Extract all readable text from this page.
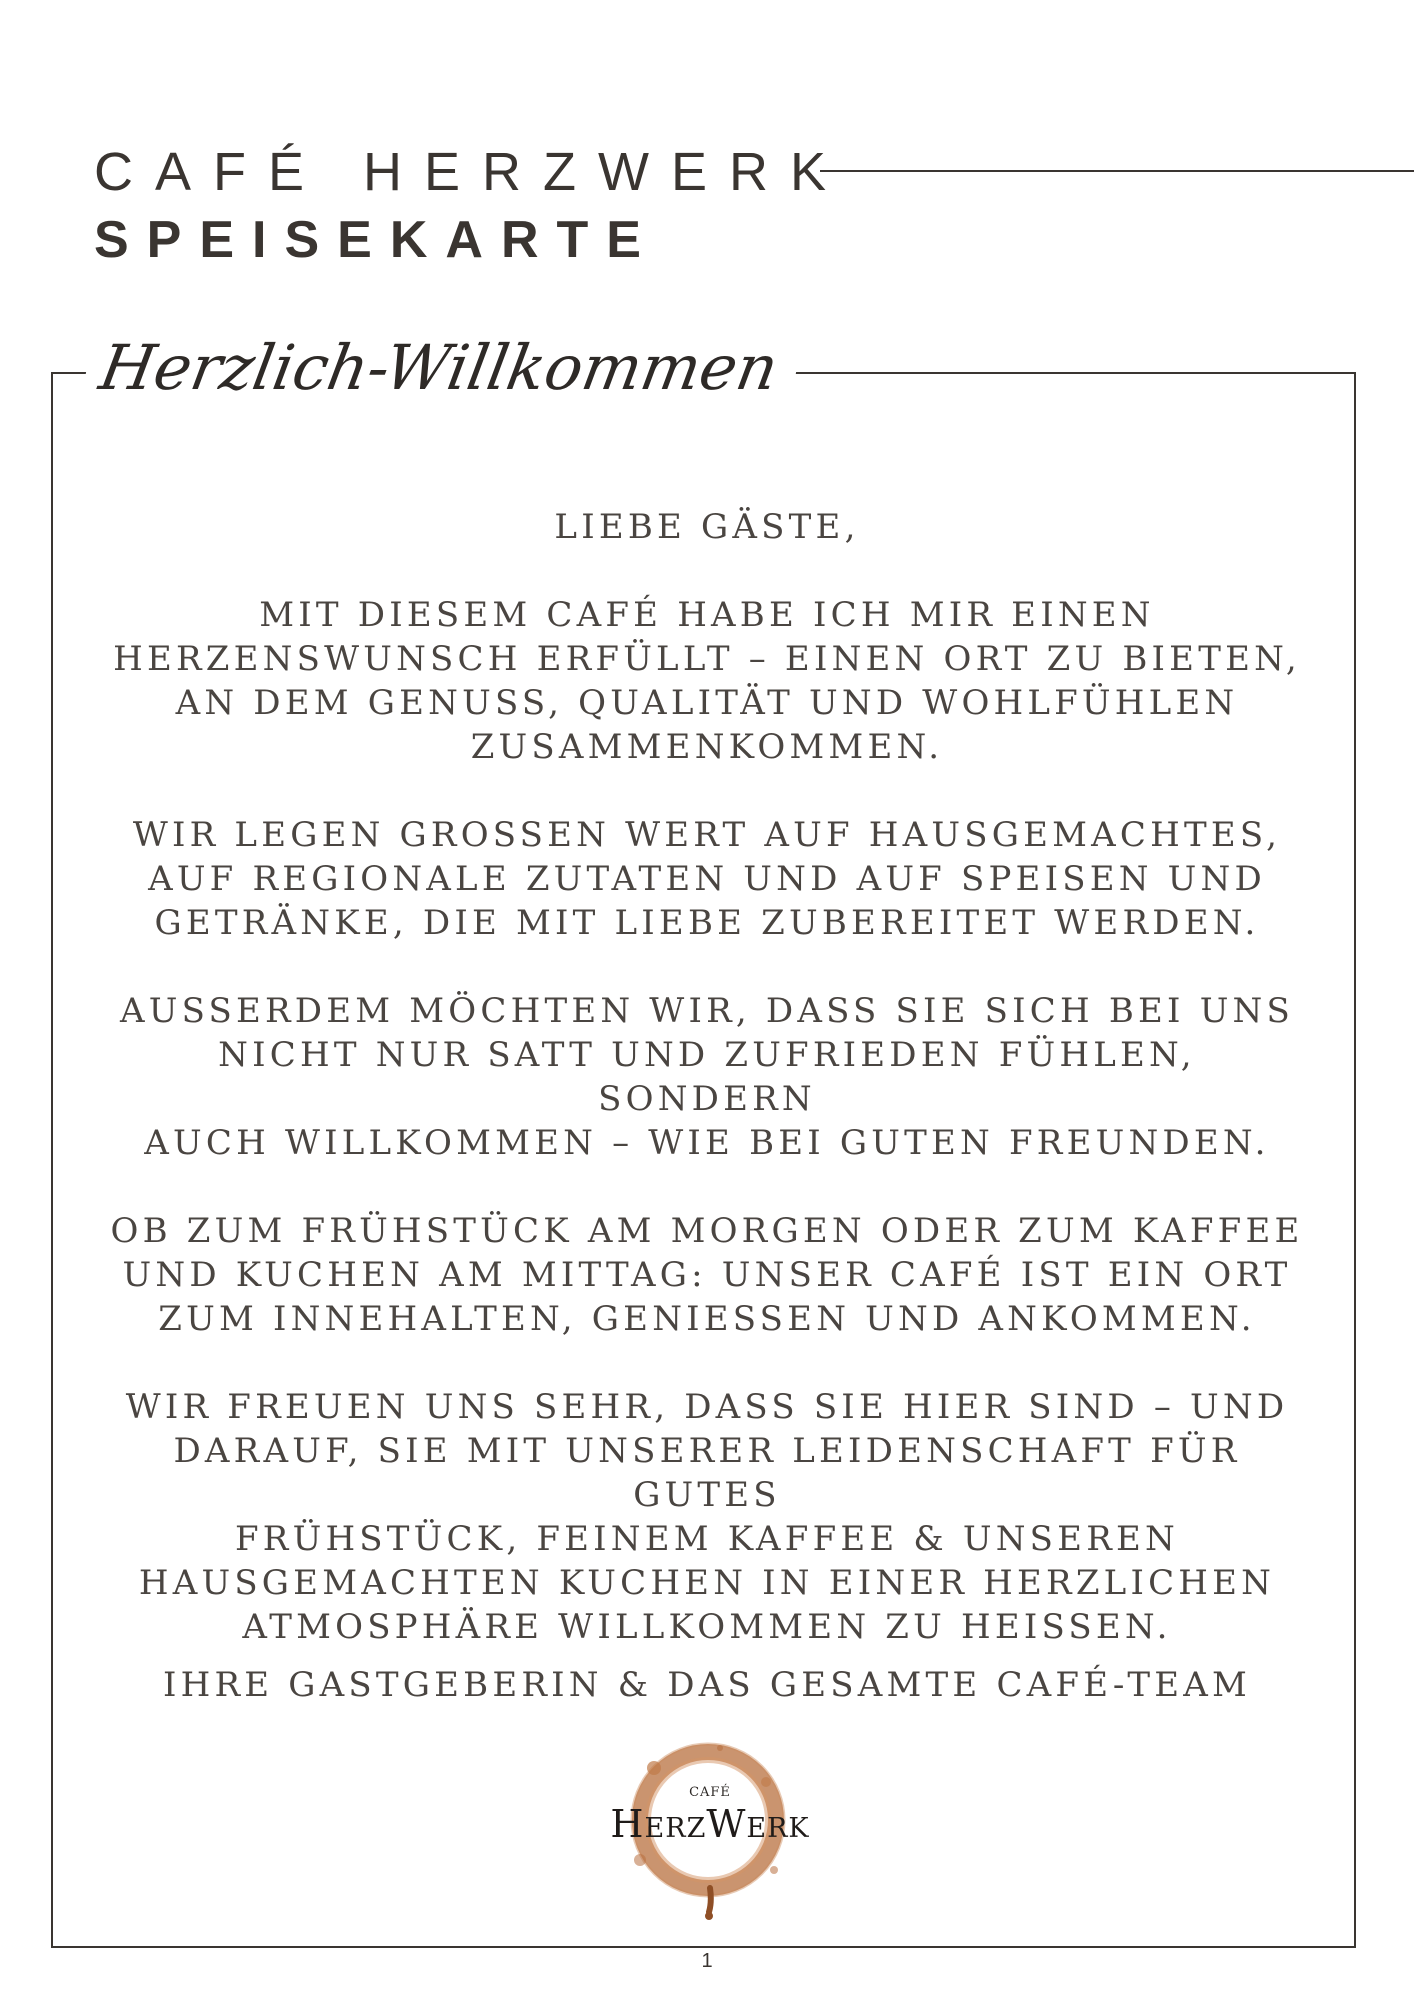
CAFÉ HERZWERK
SPEISEKARTE
Herzlich-Willkommen

LIEBE GÄSTE,

MIT DIESEM CAFÉ HABE ICH MIR EINEN
HERZENSWUNSCH ERFÜLLT – EINEN ORT ZU BIETEN,
AN DEM GENUSS, QUALITÄT UND WOHLFÜHLEN
ZUSAMMENKOMMEN.

WIR LEGEN GROSSEN WERT AUF HAUSGEMACHTES,
AUF REGIONALE ZUTATEN UND AUF SPEISEN UND
GETRÄNKE, DIE MIT LIEBE ZUBEREITET WERDEN.

AUSSERDEM MÖCHTEN WIR, DASS SIE SICH BEI UNS
NICHT NUR SATT UND ZUFRIEDEN FÜHLEN, SONDERN
AUCH WILLKOMMEN – WIE BEI GUTEN FREUNDEN.

OB ZUM FRÜHSTÜCK AM MORGEN ODER ZUM KAFFEE
UND KUCHEN AM MITTAG: UNSER CAFÉ IST EIN ORT
ZUM INNEHALTEN, GENIESSEN UND ANKOMMEN.

WIR FREUEN UNS SEHR, DASS SIE HIER SIND – UND
DARAUF, SIE MIT UNSERER LEIDENSCHAFT FÜR GUTES
FRÜHSTÜCK, FEINEM KAFFEE & UNSEREN
HAUSGEMACHTEN KUCHEN IN EINER HERZLICHEN
ATMOSPHÄRE WILLKOMMEN ZU HEISSEN.

IHRE GASTGEBERIN & DAS GESAMTE CAFÉ-TEAM
CAFÉ
HerzWerk
1
